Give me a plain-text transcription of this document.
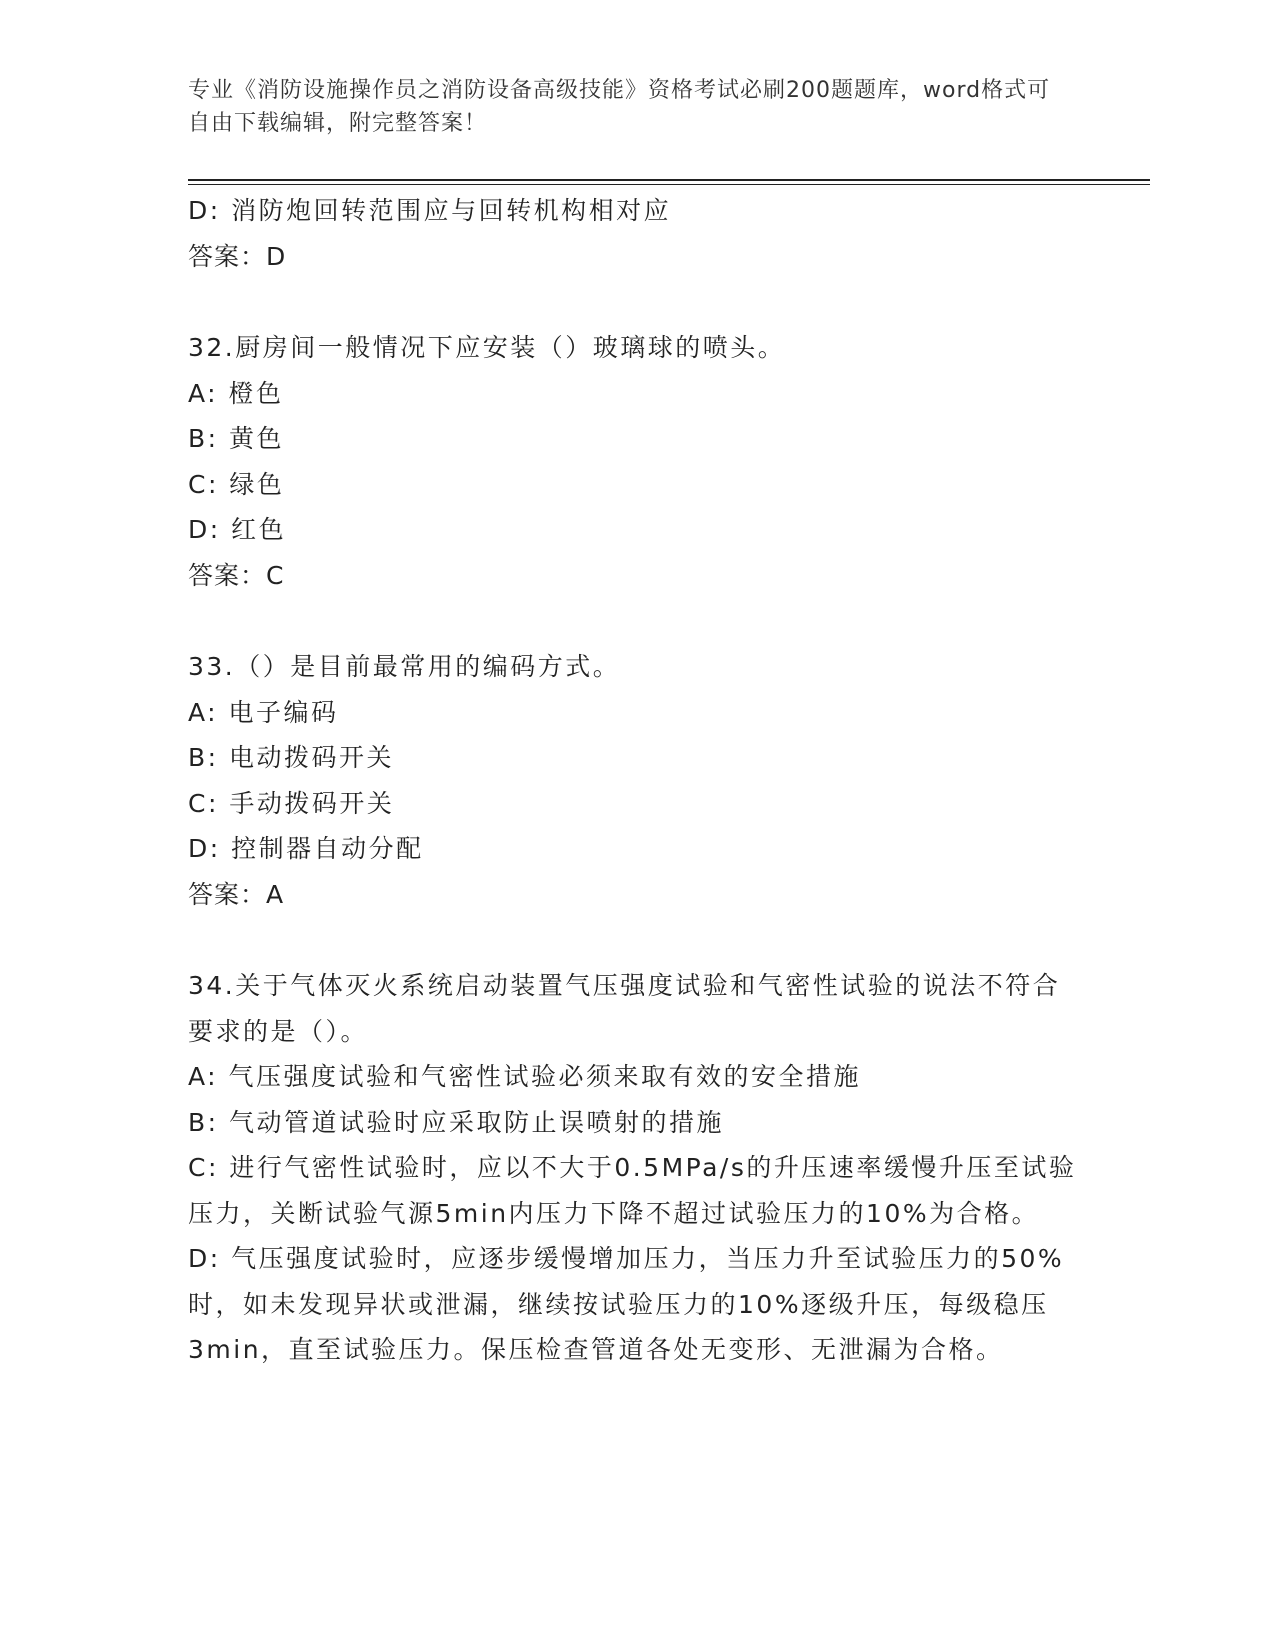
专业《消防设施操作员之消防设备高级技能》资格考试必刷200题题库，word格式可自由下载编辑，附完整答案！

D: 消防炮回转范围应与回转机构相对应

答案：D

32.厨房间一般情况下应安装（）玻璃球的喷头。

A: 橙色

B: 黄色

C: 绿色

D: 红色

答案：C

33.（）是目前最常用的编码方式。

A: 电子编码

B: 电动拨码开关

C: 手动拨码开关

D: 控制器自动分配

答案：A

34.关于气体灭火系统启动装置气压强度试验和气密性试验的说法不符合要求的是（）。

A: 气压强度试验和气密性试验必须来取有效的安全措施

B: 气动管道试验时应采取防止误喷射的措施

C: 进行气密性试验时，应以不大于0.5MPa/s的升压速率缓慢升压至试验压力，关断试验气源5min内压力下降不超过试验压力的10%为合格。

D: 气压强度试验时，应逐步缓慢增加压力，当压力升至试验压力的50%时，如未发现异状或泄漏，继续按试验压力的10%逐级升压，每级稳压3min，直至试验压力。保压检查管道各处无变形、无泄漏为合格。
